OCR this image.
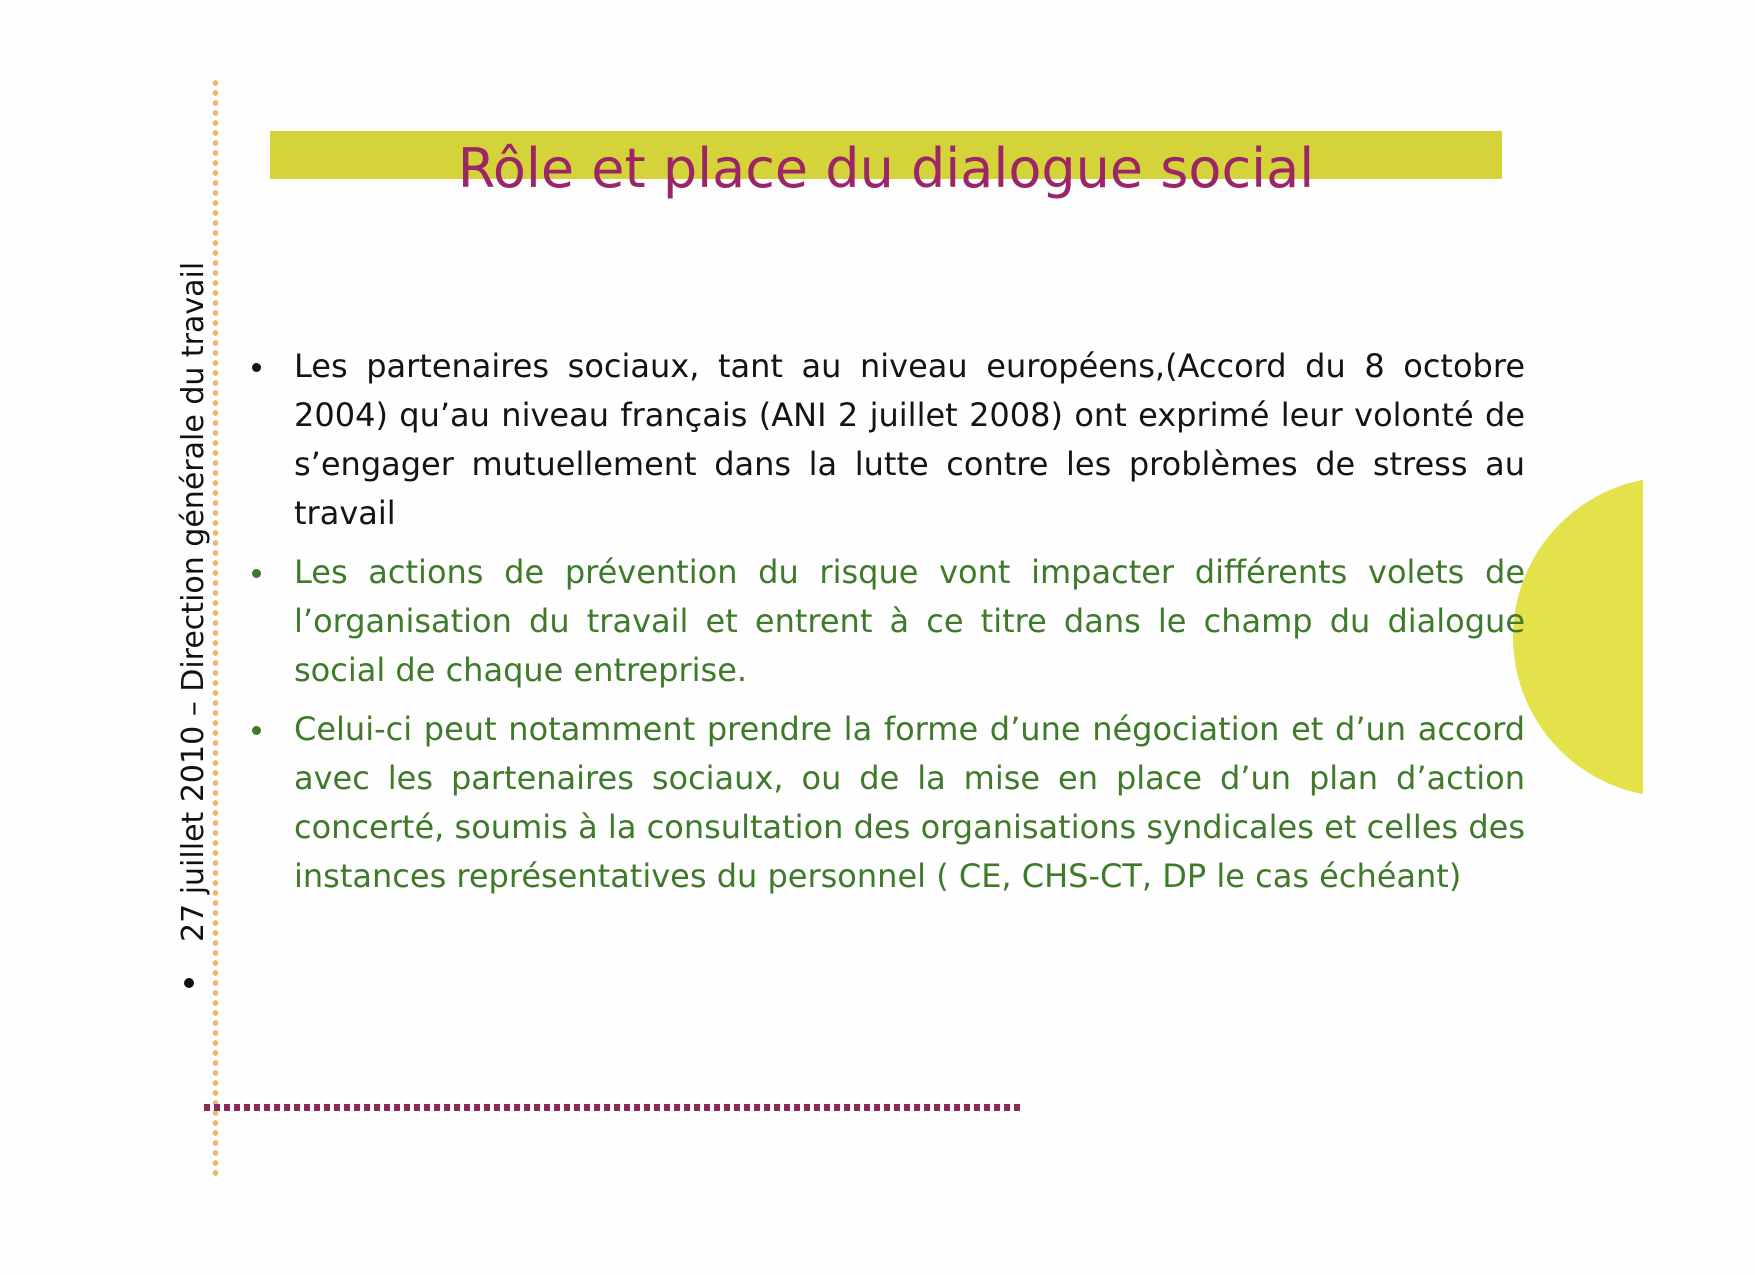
27 juillet 2010 – Direction générale du travail
Rôle et place du dialogue social
Les partenaires sociaux, tant au niveau européens,(Accord du 8 octobre 2004) qu’au niveau français (ANI 2 juillet 2008) ont exprimé leur volonté de s’engager mutuellement dans la lutte contre les problèmes de stress au travail
Les actions de prévention du risque vont impacter différents volets de l’organisation du travail et entrent à ce titre dans le champ du dialogue social de chaque entreprise.
Celui-ci peut notamment prendre la forme d’une négociation et d’un accord avec les partenaires sociaux, ou de la mise en place d’un plan d’action concerté, soumis à la consultation des organisations syndicales et celles des instances représentatives du personnel ( CE, CHS-CT, DP le cas échéant)
